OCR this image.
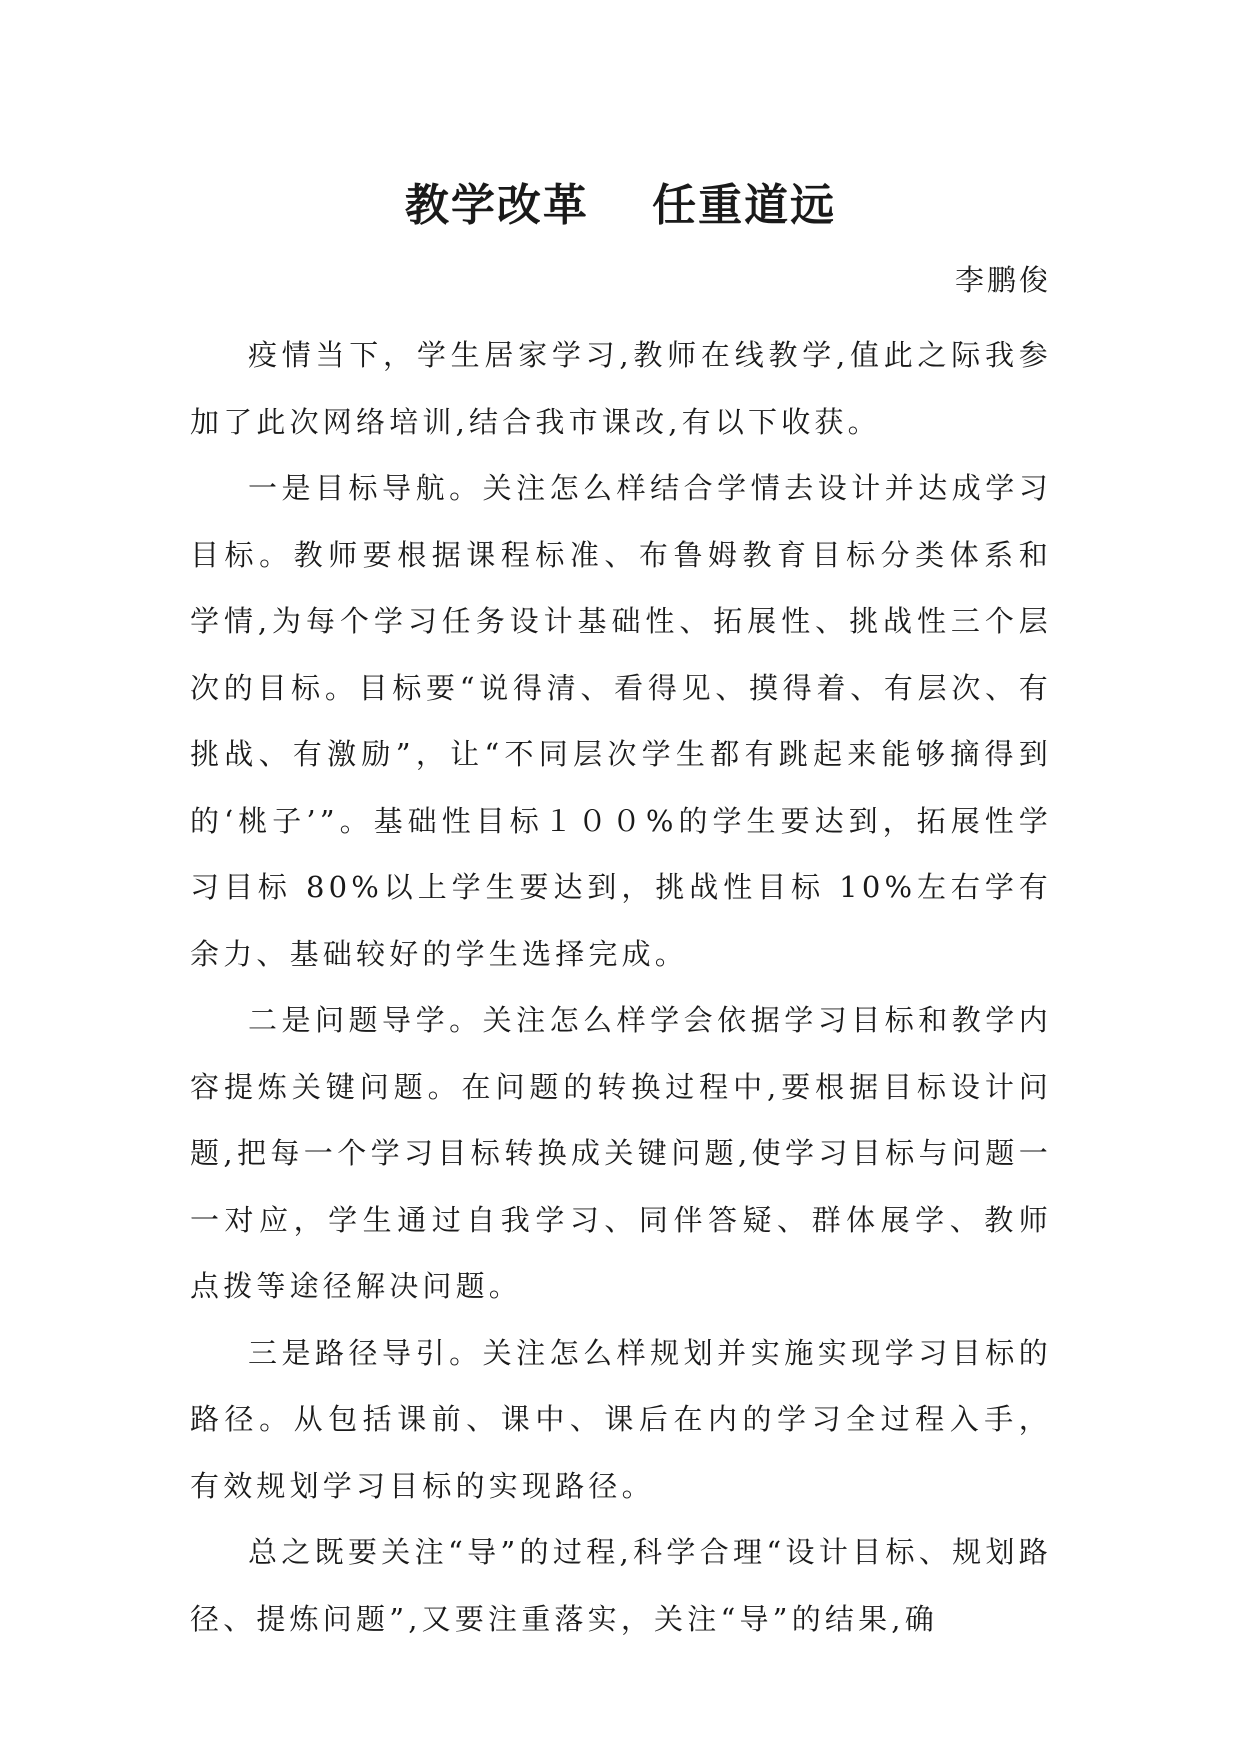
教学改革　 任重道远
李鹏俊

疫情当下，学生居家学习,教师在线教学,值此之际我参加了此次网络培训,结合我市课改,有以下收获。

一是目标导航。关注怎么样结合学情去设计并达成学习目标。教师要根据课程标准、布鲁姆教育目标分类体系和学情,为每个学习任务设计基础性、拓展性、挑战性三个层次的目标。目标要“说得清、看得见、摸得着、有层次、有挑战、有激励”，让“不同层次学生都有跳起来能够摘得到的‘桃子’”。基础性目标１００%的学生要达到，拓展性学习目标 80%以上学生要达到，挑战性目标 10%左右学有余力、基础较好的学生选择完成。

二是问题导学。关注怎么样学会依据学习目标和教学内容提炼关键问题。在问题的转换过程中,要根据目标设计问题,把每一个学习目标转换成关键问题,使学习目标与问题一一对应，学生通过自我学习、同伴答疑、群体展学、教师点拨等途径解决问题。

三是路径导引。关注怎么样规划并实施实现学习目标的路径。从包括课前、课中、课后在内的学习全过程入手，有效规划学习目标的实现路径。

总之既要关注“导”的过程,科学合理“设计目标、规划路径、提炼问题”,又要注重落实，关注“导”的结果,确
